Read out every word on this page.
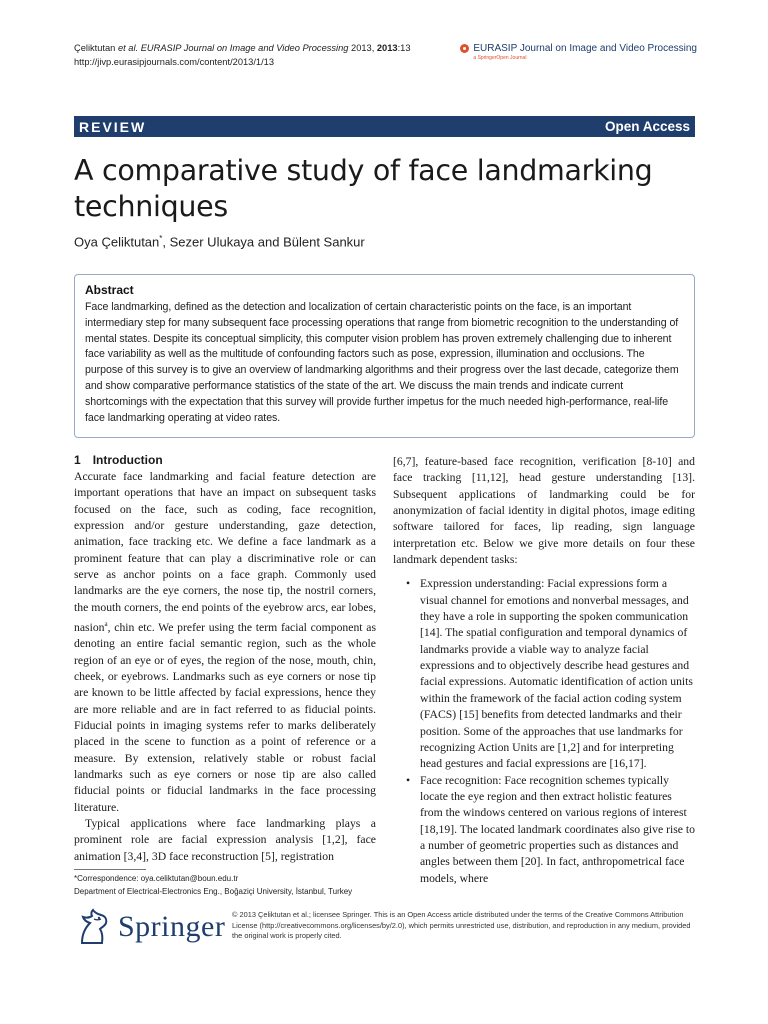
Çeliktutan et al. EURASIP Journal on Image and Video Processing 2013, 2013:13
http://jivp.eurasipjournals.com/content/2013/1/13
EURASIP Journal on Image and Video Processing
a SpringerOpen Journal
REVIEW	Open Access
A comparative study of face landmarking
techniques
Oya Çeliktutan*, Sezer Ulukaya and Bülent Sankur
Abstract

Face landmarking, defined as the detection and localization of certain characteristic points on the face, is an important intermediary step for many subsequent face processing operations that range from biometric recognition to the understanding of mental states. Despite its conceptual simplicity, this computer vision problem has proven extremely challenging due to inherent face variability as well as the multitude of confounding factors such as pose, expression, illumination and occlusions. The purpose of this survey is to give an overview of landmarking algorithms and their progress over the last decade, categorize them and show comparative performance statistics of the state of the art. We discuss the main trends and indicate current shortcomings with the expectation that this survey will provide further impetus for the much needed high-performance, real-life face landmarking operating at video rates.

1 Introduction

Accurate face landmarking and facial feature detection are important operations that have an impact on subsequent tasks focused on the face, such as coding, face recognition, expression and/or gesture understanding, gaze detection, animation, face tracking etc. We define a face landmark as a prominent feature that can play a discriminative role or can serve as anchor points on a face graph. Commonly used landmarks are the eye corners, the nose tip, the nostril corners, the mouth corners, the end points of the eyebrow arcs, ear lobes, nasion$^a$, chin etc. We prefer using the term facial component as denoting an entire facial semantic region, such as the whole region of an eye or of eyes, the region of the nose, mouth, chin, cheek, or eyebrows. Landmarks such as eye corners or nose tip are known to be little affected by facial expressions, hence they are more reliable and are in fact referred to as fiducial points. Fiducial points in imaging systems refer to marks deliberately placed in the scene to function as a point of reference or a measure. By extension, relatively stable or robust facial landmarks such as eye corners or nose tip are also called fiducial points or fiducial landmarks in the face processing literature.

Typical applications where face landmarking plays a prominent role are facial expression analysis [1,2], face animation [3,4], 3D face reconstruction [5], registration

*Correspondence: oya.celiktutan@boun.edu.tr
Department of Electrical-Electronics Eng., Boğaziçi University, İstanbul, Turkey

[6,7], feature-based face recognition, verification [8-10] and face tracking [11,12], head gesture understanding [13]. Subsequent applications of landmarking could be for anonymization of facial identity in digital photos, image editing software tailored for faces, lip reading, sign language interpretation etc. Below we give more details on four these landmark dependent tasks:

• Expression understanding: Facial expressions form a visual channel for emotions and nonverbal messages, and they have a role in supporting the spoken communication [14]. The spatial configuration and temporal dynamics of landmarks provide a viable way to analyze facial expressions and to objectively describe head gestures and facial expressions. Automatic identification of action units within the framework of the facial action coding system (FACS) [15] benefits from detected landmarks and their position. Some of the approaches that use landmarks for recognizing Action Units are [1,2] and for interpreting head gestures and facial expressions are [16,17].
• Face recognition: Face recognition schemes typically locate the eye region and then extract holistic features from the windows centered on various regions of interest [18,19]. The located landmark coordinates also give rise to a number of geometric properties such as distances and angles between them [20]. In fact, anthropometrical face models, where
Springer © 2013 Çeliktutan et al.; licensee Springer. This is an Open Access article distributed under the terms of the Creative Commons Attribution License (http://creativecommons.org/licenses/by/2.0), which permits unrestricted use, distribution, and reproduction in any medium, provided the original work is properly cited.
